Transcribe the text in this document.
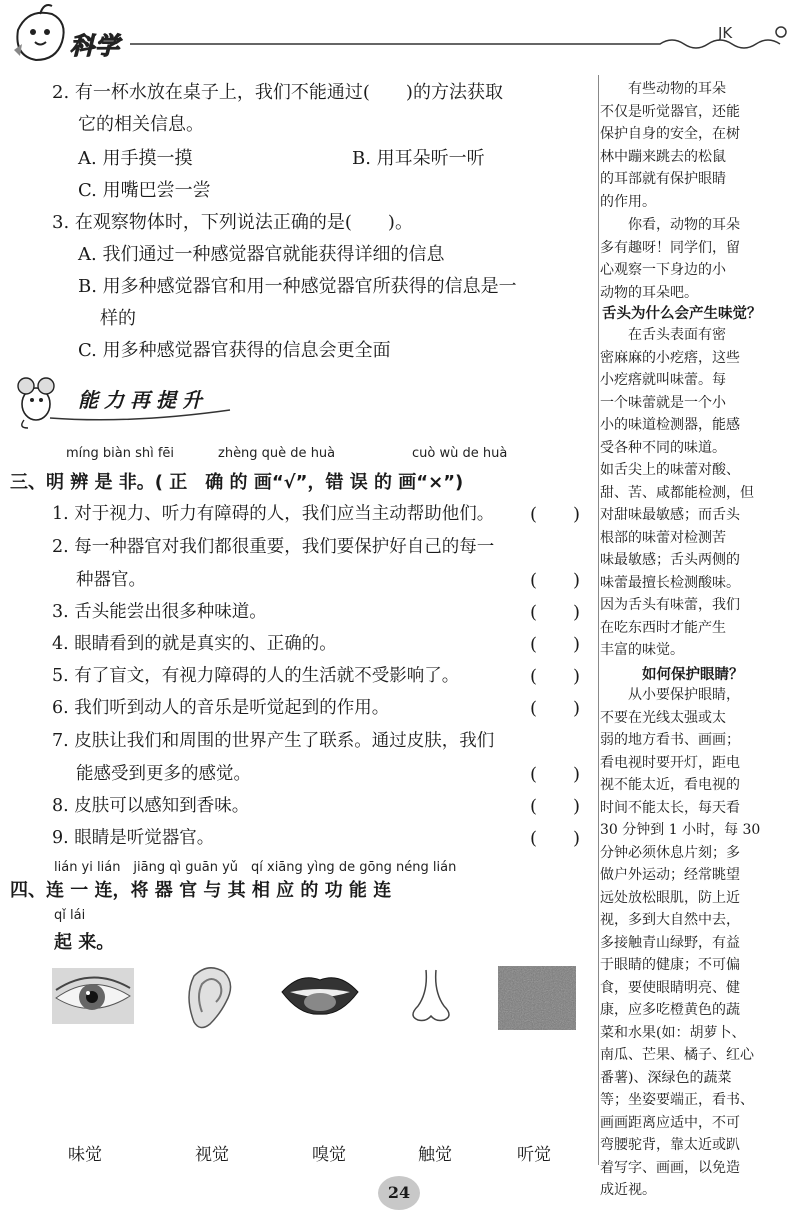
科学	JK
2. 有一杯水放在桌子上，我们不能通过(　　)的方法获取
它的相关信息。
A. 用手摸一摸	B. 用耳朵听一听
C. 用嘴巴尝一尝
3. 在观察物体时，下列说法正确的是(　　)。
A. 我们通过一种感觉器官就能获得详细的信息
B. 用多种感觉器官和用一种感觉器官所获得的信息是一
样的
C. 用多种感觉器官获得的信息会更全面
能力再提升
míng biàn shì fēi	zhèng què de huà	cuò wù de huà
三、明 辨 是 非。( 正　确 的 画“√”，错 误 的 画“×”)
1. 对于视力、听力有障碍的人，我们应当主动帮助他们。 (　　)
2. 每一种器官对我们都很重要，我们要保护好自己的每一
种器官。	(　　)
3. 舌头能尝出很多种味道。	(　　)
4. 眼睛看到的就是真实的、正确的。	(　　)
5. 有了盲文，有视力障碍的人的生活就不受影响了。	(　　)
6. 我们听到动人的音乐是听觉起到的作用。	(　　)
7. 皮肤让我们和周围的世界产生了联系。通过皮肤，我们
能感受到更多的感觉。	(　　)
8. 皮肤可以感知到香味。	(　　)
9. 眼睛是听觉器官。	(　　)
lián yi lián　jiāng qì guān yǔ　qí xiāng yìng de gōng néng lián
四、连 一 连，将 器 官 与 其 相 应 的 功 能 连
qǐ lái
起 来。
味觉	视觉	嗅觉	触觉	听觉
　　有些动物的耳朵
不仅是听觉器官，还能
保护自身的安全，在树
林中蹦来跳去的松鼠
的耳部就有保护眼睛
的作用。
　　你看，动物的耳朵
多有趣呀！同学们，留
心观察一下身边的小
动物的耳朵吧。
舌头为什么会产生味觉？
　　在舌头表面有密
密麻麻的小疙瘩，这些
小疙瘩就叫味蕾。每
一个味蕾就是一个小
小的味道检测器，能感
受各种不同的味道。
如舌尖上的味蕾对酸、
甜、苦、咸都能检测，但
对甜味最敏感；而舌头
根部的味蕾对检测苦
味最敏感；舌头两侧的
味蕾最擅长检测酸味。
因为舌头有味蕾，我们
在吃东西时才能产生
丰富的味觉。
如何保护眼睛？
　　从小要保护眼睛，
不要在光线太强或太
弱的地方看书、画画；
看电视时要开灯，距电
视不能太近，看电视的
时间不能太长，每天看
30 分钟到 1 小时，每 30
分钟必须休息片刻；多
做户外运动；经常眺望
远处放松眼肌，防上近
视，多到大自然中去，
多接触青山绿野，有益
于眼睛的健康；不可偏
食，要使眼睛明亮、健
康，应多吃橙黄色的蔬
菜和水果(如：胡萝卜、
南瓜、芒果、橘子、红心
番薯)、深绿色的蔬菜
等；坐姿要端正，看书、
画画距离应适中，不可
弯腰驼背，靠太近或趴
着写字、画画，以免造
成近视。
24
